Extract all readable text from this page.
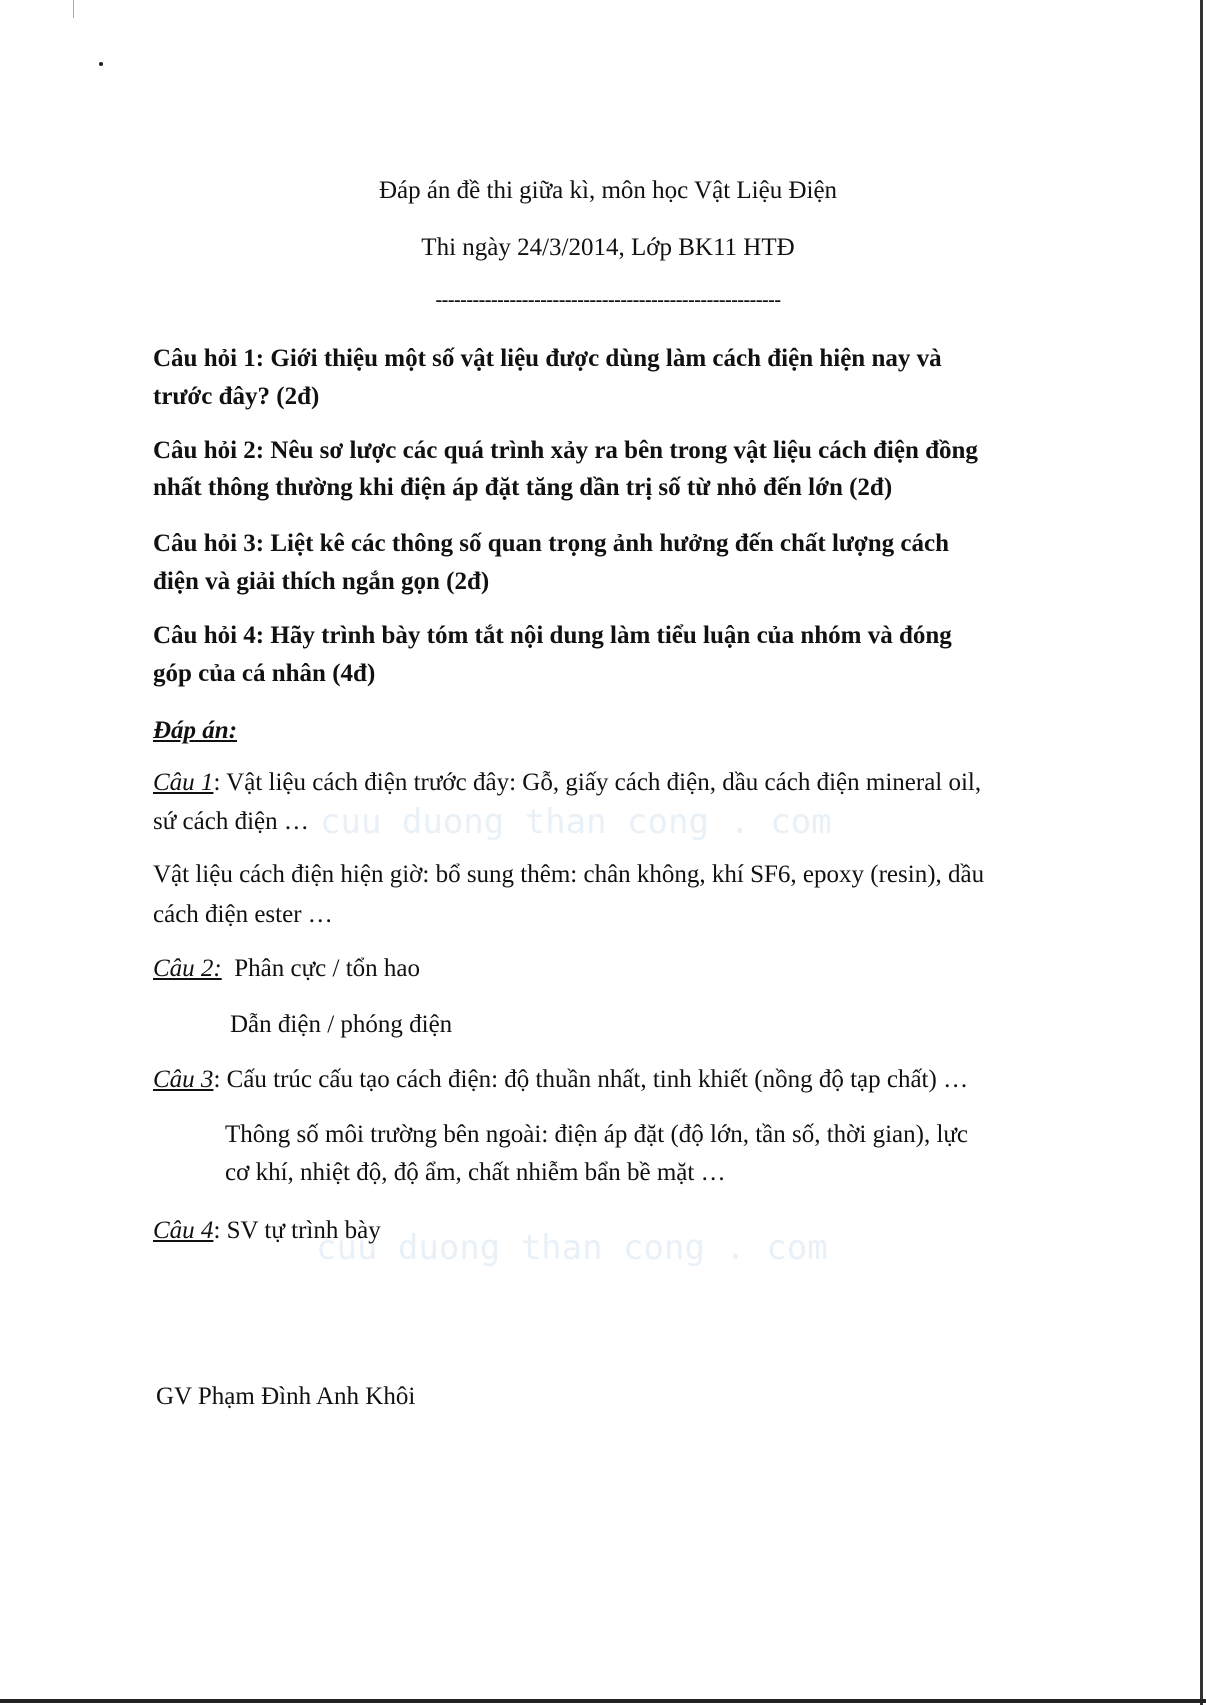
cuu duong than cong . com
cuu duong than cong . com
Đáp án đề thi giữa kì, môn học Vật Liệu Điện
Thi ngày 24/3/2014, Lớp BK11 HTĐ
--------------------------------------------------------
Câu hỏi 1: Giới thiệu một số vật liệu được dùng làm cách điện hiện nay và
trước đây? (2đ)
Câu hỏi 2: Nêu sơ lược các quá trình xảy ra bên trong vật liệu cách điện đồng
nhất thông thường khi điện áp đặt tăng dần trị số từ nhỏ đến lớn (2đ)
Câu hỏi 3: Liệt kê các thông số quan trọng ảnh hưởng đến chất lượng cách
điện và giải thích ngắn gọn (2đ)
Câu hỏi 4: Hãy trình bày tóm tắt nội dung làm tiểu luận của nhóm và đóng
góp của cá nhân (4đ)
Đáp án:
Câu 1: Vật liệu cách điện trước đây: Gỗ, giấy cách điện, dầu cách điện mineral oil,
sứ cách điện …
Vật liệu cách điện hiện giờ: bổ sung thêm: chân không, khí SF6, epoxy (resin), dầu
cách điện ester …
Câu 2: Phân cực / tổn hao
Dẫn điện / phóng điện
Câu 3: Cấu trúc cấu tạo cách điện: độ thuần nhất, tinh khiết (nồng độ tạp chất) …
Thông số môi trường bên ngoài: điện áp đặt (độ lớn, tần số, thời gian), lực
cơ khí, nhiệt độ, độ ẩm, chất nhiễm bẩn bề mặt …
Câu 4: SV tự trình bày
GV Phạm Đình Anh Khôi
